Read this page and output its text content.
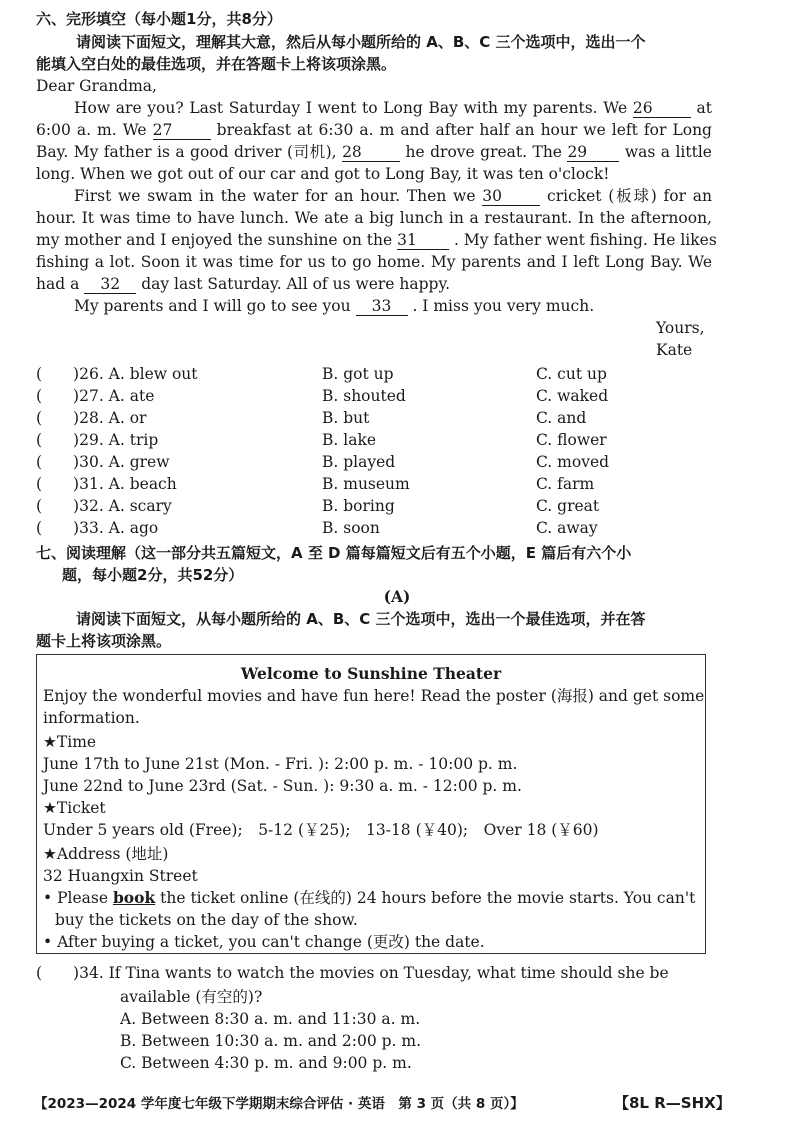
六、完形填空（每小题1分，共8分）
请阅读下面短文，理解其大意，然后从每小题所给的 A、B、C 三个选项中，选出一个
能填入空白处的最佳选项，并在答题卡上将该项涂黑。
Dear Grandma,
How are you? Last Saturday I went to Long Bay with my parents. We 26	at
6:00 a. m. We 27	breakfast at 6:30 a. m and after half an hour we left for Long
Bay. My father is a good driver (司机), 28	he drove great. The 29 was a little
long. When we got out of our car and got to Long Bay, it was ten o'clock!
First we swam in the water for an hour. Then we 30	cricket (板球) for an
hour. It was time to have lunch. We ate a big lunch in a restaurant. In the afternoon,
my mother and I enjoyed the sunshine on the 31 . My father went fishing. He likes
fishing a lot. Soon it was time for us to go home. My parents and I left Long Bay. We
had a 32 day last Saturday. All of us were happy.
My parents and I will go to see you 33 . I miss you very much.
Yours,
Kate
(　　)26. A. blew out	B. got up	C. cut up
(　　)27. A. ate	B. shouted	C. waked
(　　)28. A. or	B. but	C. and
(　　)29. A. trip	B. lake	C. flower
(　　)30. A. grew	B. played	C. moved
(　　)31. A. beach	B. museum	C. farm
(　　)32. A. scary	B. boring	C. great
(　　)33. A. ago	B. soon	C. away
七、阅读理解（这一部分共五篇短文，A 至 D 篇每篇短文后有五个小题，E 篇后有六个小
题，每小题2分，共52分）
(A)
请阅读下面短文，从每小题所给的 A、B、C 三个选项中，选出一个最佳选项，并在答
题卡上将该项涂黑。
Welcome to Sunshine Theater
Enjoy the wonderful movies and have fun here! Read the poster (海报) and get some
information.
★Time
June 17th to June 21st (Mon. - Fri. ): 2:00 p. m. - 10:00 p. m.
June 22nd to June 23rd (Sat. - Sun. ): 9:30 a. m. - 12:00 p. m.
★Ticket
Under 5 years old (Free);　5-12 (￥25);　13-18 (￥40);　Over 18 (￥60)
★Address (地址)
32 Huangxin Street
• Please book the ticket online (在线的) 24 hours before the movie starts. You can't
buy the tickets on the day of the show.
• After buying a ticket, you can't change (更改) the date.
(　　)34. If Tina wants to watch the movies on Tuesday, what time should she be
available (有空的)?
A. Between 8:30 a. m. and 11:30 a. m.
B. Between 10:30 a. m. and 2:00 p. m.
C. Between 4:30 p. m. and 9:00 p. m.
【2023—2024 学年度七年级下学期期末综合评估 · 英语　第 3 页（共 8 页）】	【8L R—SHX】
